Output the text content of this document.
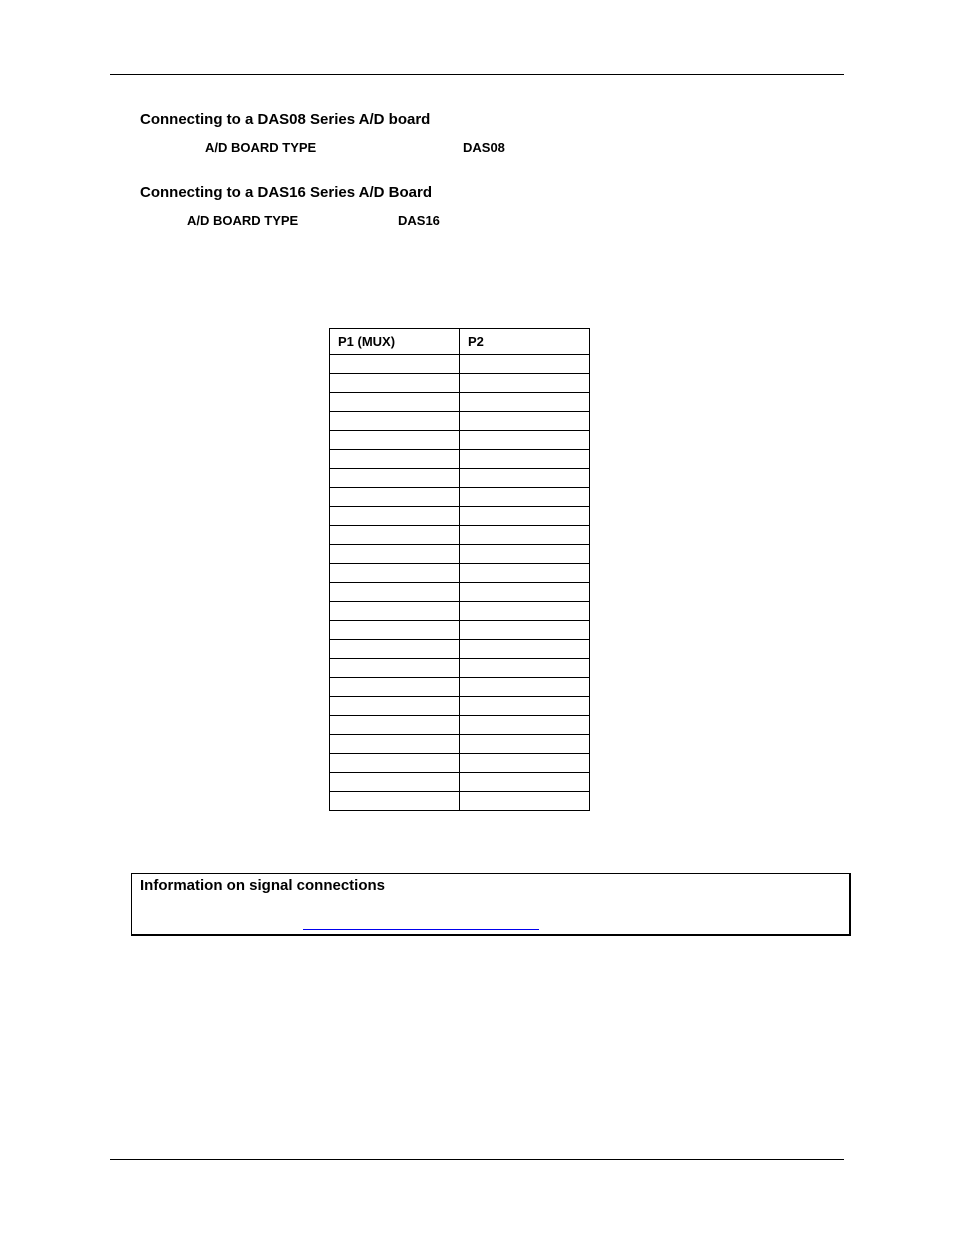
Connecting to a DAS08 Series A/D board
A/D BOARD TYPE	DAS08
Connecting to a DAS16 Series A/D Board
A/D BOARD TYPE	DAS16
P1 (MUX)	P2

Information on signal connections
